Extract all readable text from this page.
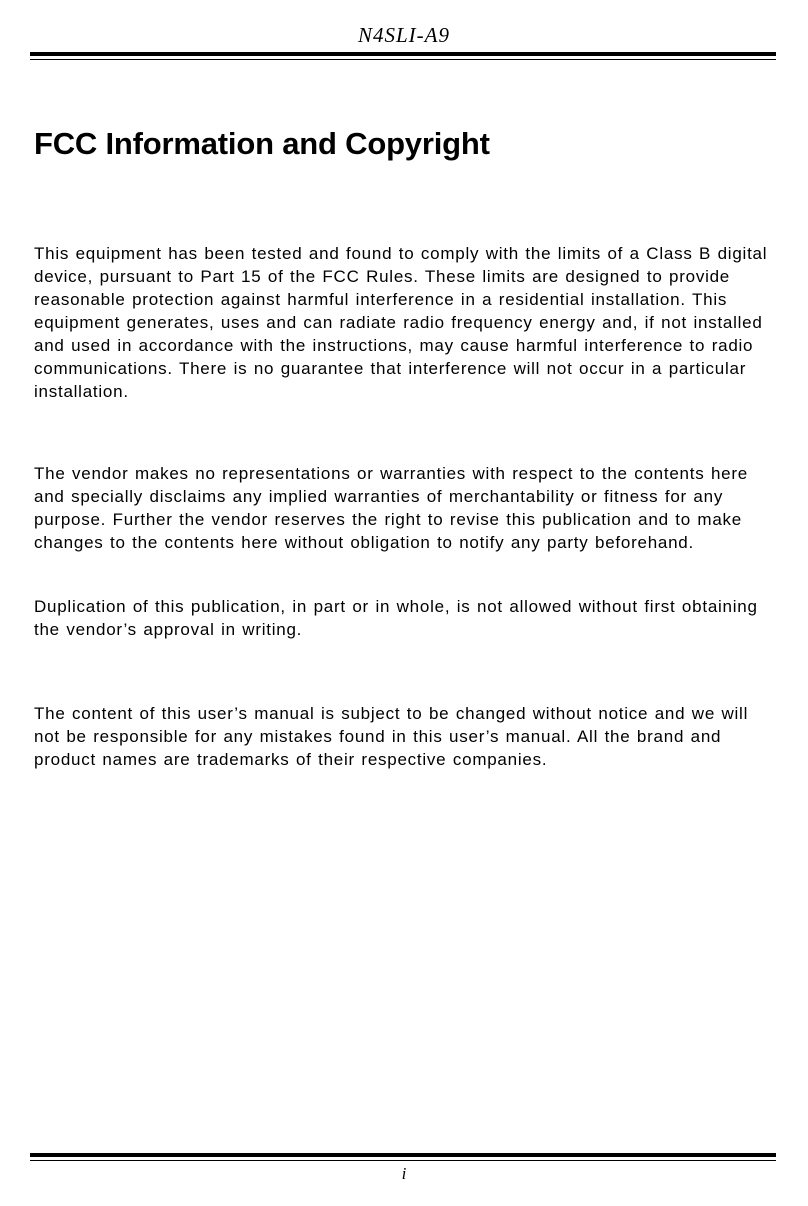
N4SLI-A9
FCC Information and Copyright

This equipment has been tested and found to comply with the limits of a Class B digital device, pursuant to Part 15 of the FCC Rules. These limits are designed to provide reasonable protection against harmful interference in a residential installation. This equipment generates, uses and can radiate radio frequency energy and, if not installed and used in accordance with the instructions, may cause harmful interference to radio communications. There is no guarantee that interference will not occur in a particular installation.

The vendor makes no representations or warranties with respect to the contents here and specially disclaims any implied warranties of merchantability or fitness for any purpose. Further the vendor reserves the right to revise this publication and to make changes to the contents here without obligation to notify any party beforehand.

Duplication of this publication, in part or in whole, is not allowed without first obtaining the vendor’s approval in writing.

The content of this user’s manual is subject to be changed without notice and we will not be responsible for any mistakes found in this user’s manual. All the brand and product names are trademarks of their respective companies.

i
